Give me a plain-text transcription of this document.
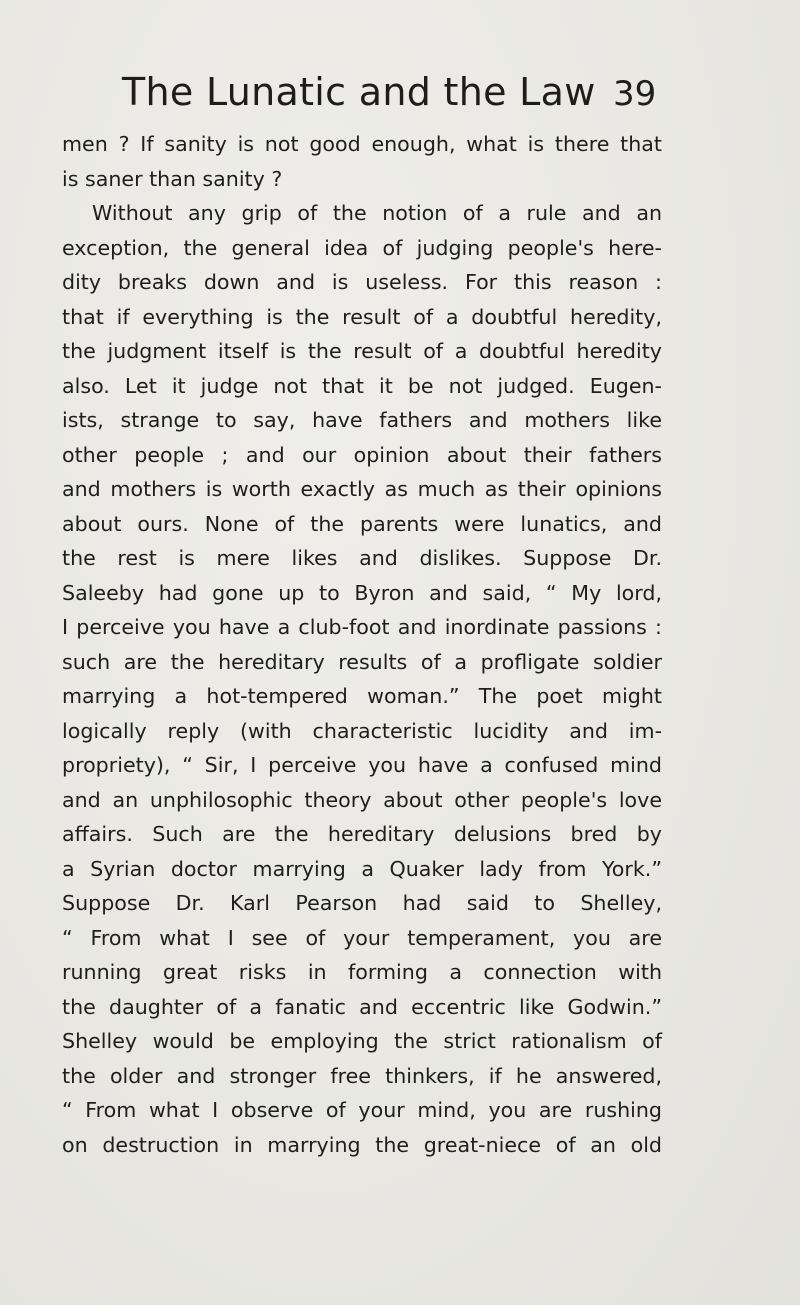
The Lunatic and the Law 39
men ? If sanity is not good enough, what is there that
is saner than sanity ?
Without any grip of the notion of a rule and an
exception, the general idea of judging people's here-
dity breaks down and is useless. For this reason :
that if everything is the result of a doubtful heredity,
the judgment itself is the result of a doubtful heredity
also. Let it judge not that it be not judged. Eugen-
ists, strange to say, have fathers and mothers like
other people ; and our opinion about their fathers
and mothers is worth exactly as much as their opinions
about ours. None of the parents were lunatics, and
the rest is mere likes and dislikes. Suppose Dr.
Saleeby had gone up to Byron and said, “ My lord,
I perceive you have a club-foot and inordinate passions :
such are the hereditary results of a profligate soldier
marrying a hot-tempered woman.” The poet might
logically reply (with characteristic lucidity and im-
propriety), “ Sir, I perceive you have a confused mind
and an unphilosophic theory about other people's love
affairs. Such are the hereditary delusions bred by
a Syrian doctor marrying a Quaker lady from York.”
Suppose Dr. Karl Pearson had said to Shelley,
“ From what I see of your temperament, you are
running great risks in forming a connection with
the daughter of a fanatic and eccentric like Godwin.”
Shelley would be employing the strict rationalism of
the older and stronger free thinkers, if he answered,
“ From what I observe of your mind, you are rushing
on destruction in marrying the great-niece of an old
